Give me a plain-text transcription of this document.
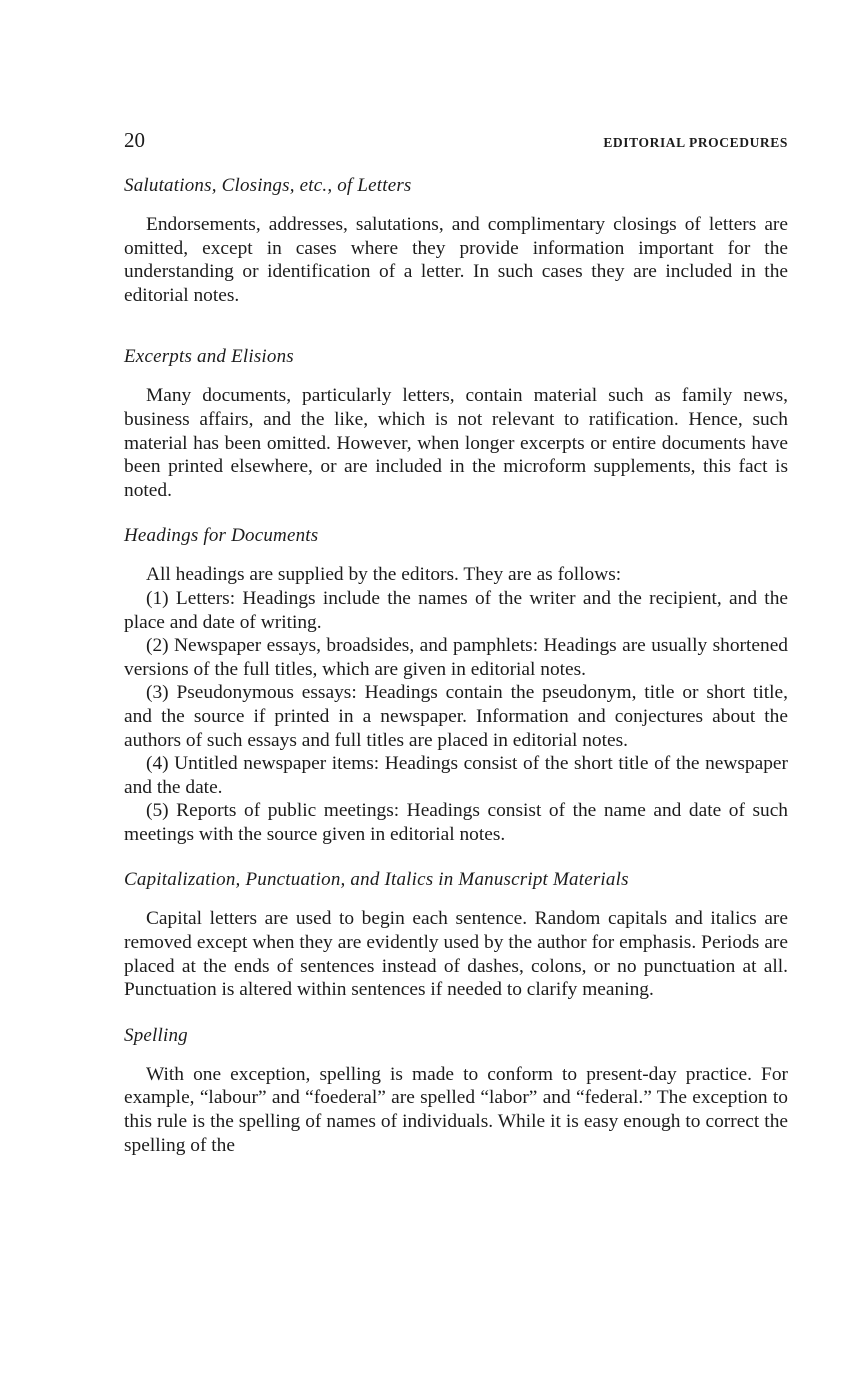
20	EDITORIAL PROCEDURES
Salutations, Closings, etc., of Letters

Endorsements, addresses, salutations, and complimentary closings of letters are omitted, except in cases where they provide information important for the understanding or identification of a letter. In such cases they are included in the editorial notes.

Excerpts and Elisions

Many documents, particularly letters, contain material such as family news, business affairs, and the like, which is not relevant to ratification. Hence, such material has been omitted. However, when longer excerpts or entire documents have been printed elsewhere, or are included in the microform supplements, this fact is noted.

Headings for Documents

All headings are supplied by the editors. They are as follows:

(1) Letters: Headings include the names of the writer and the recipient, and the place and date of writing.

(2) Newspaper essays, broadsides, and pamphlets: Headings are usually shortened versions of the full titles, which are given in editorial notes.

(3) Pseudonymous essays: Headings contain the pseudonym, title or short title, and the source if printed in a newspaper. Information and conjectures about the authors of such essays and full titles are placed in editorial notes.

(4) Untitled newspaper items: Headings consist of the short title of the newspaper and the date.

(5) Reports of public meetings: Headings consist of the name and date of such meetings with the source given in editorial notes.

Capitalization, Punctuation, and Italics in Manuscript Materials

Capital letters are used to begin each sentence. Random capitals and italics are removed except when they are evidently used by the author for emphasis. Periods are placed at the ends of sentences instead of dashes, colons, or no punctuation at all. Punctuation is altered within sentences if needed to clarify meaning.

Spelling

With one exception, spelling is made to conform to present-day practice. For example, “labour” and “foederal” are spelled “labor” and “federal.” The exception to this rule is the spelling of names of individuals. While it is easy enough to correct the spelling of the
